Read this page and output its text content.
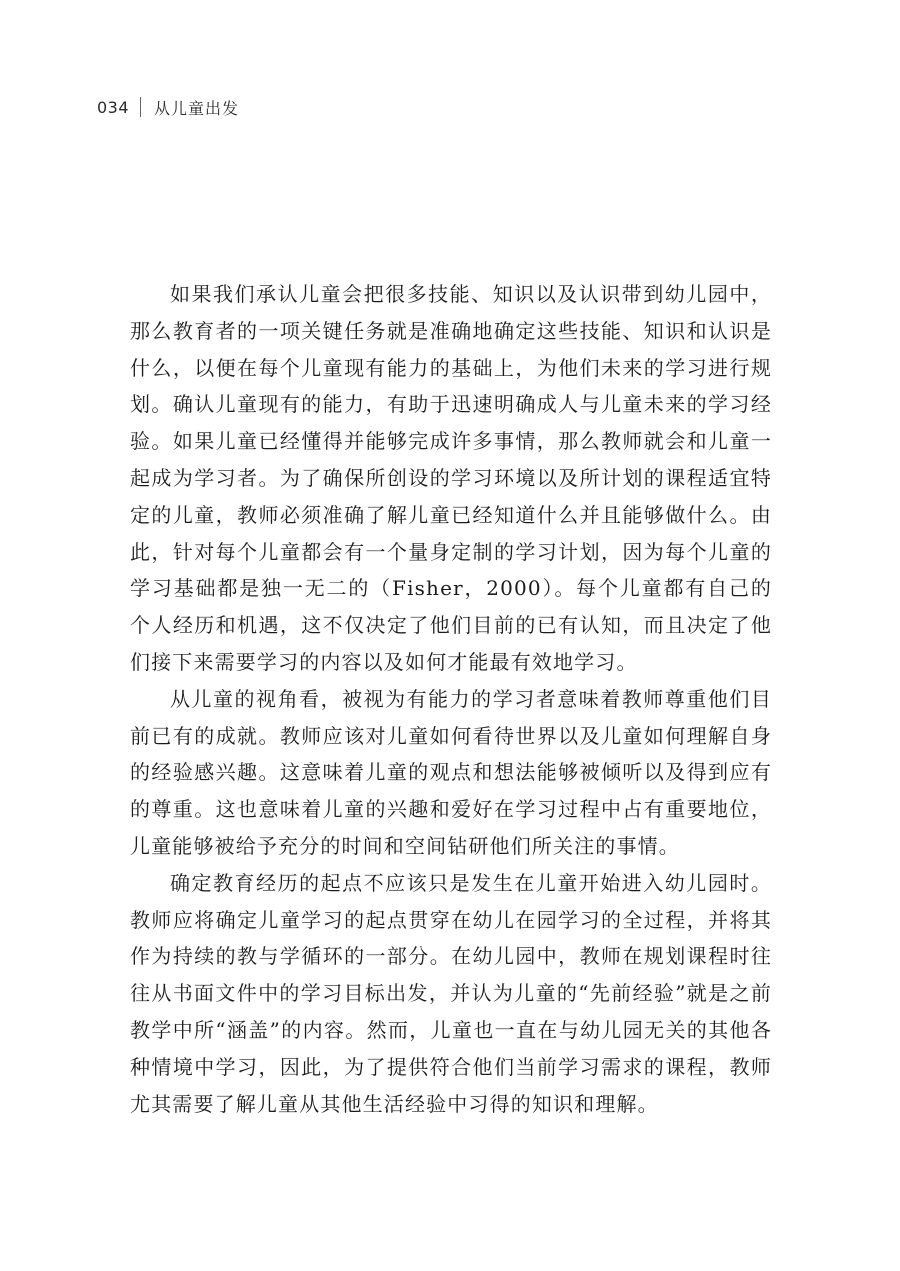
034 从儿童出发

如果我们承认儿童会把很多技能、知识以及认识带到幼儿园中，那么教育者的一项关键任务就是准确地确定这些技能、知识和认识是什么，以便在每个儿童现有能力的基础上，为他们未来的学习进行规划。确认儿童现有的能力，有助于迅速明确成人与儿童未来的学习经验。如果儿童已经懂得并能够完成许多事情，那么教师就会和儿童一起成为学习者。为了确保所创设的学习环境以及所计划的课程适宜特定的儿童，教师必须准确了解儿童已经知道什么并且能够做什么。由此，针对每个儿童都会有一个量身定制的学习计划，因为每个儿童的学习基础都是独一无二的（Fisher，2000）。每个儿童都有自己的个人经历和机遇，这不仅决定了他们目前的已有认知，而且决定了他们接下来需要学习的内容以及如何才能最有效地学习。

从儿童的视角看，被视为有能力的学习者意味着教师尊重他们目前已有的成就。教师应该对儿童如何看待世界以及儿童如何理解自身的经验感兴趣。这意味着儿童的观点和想法能够被倾听以及得到应有的尊重。这也意味着儿童的兴趣和爱好在学习过程中占有重要地位，儿童能够被给予充分的时间和空间钻研他们所关注的事情。

确定教育经历的起点不应该只是发生在儿童开始进入幼儿园时。教师应将确定儿童学习的起点贯穿在幼儿在园学习的全过程，并将其作为持续的教与学循环的一部分。在幼儿园中，教师在规划课程时往往从书面文件中的学习目标出发，并认为儿童的“先前经验”就是之前教学中所“涵盖”的内容。然而，儿童也一直在与幼儿园无关的其他各种情境中学习，因此，为了提供符合他们当前学习需求的课程，教师尤其需要了解儿童从其他生活经验中习得的知识和理解。
